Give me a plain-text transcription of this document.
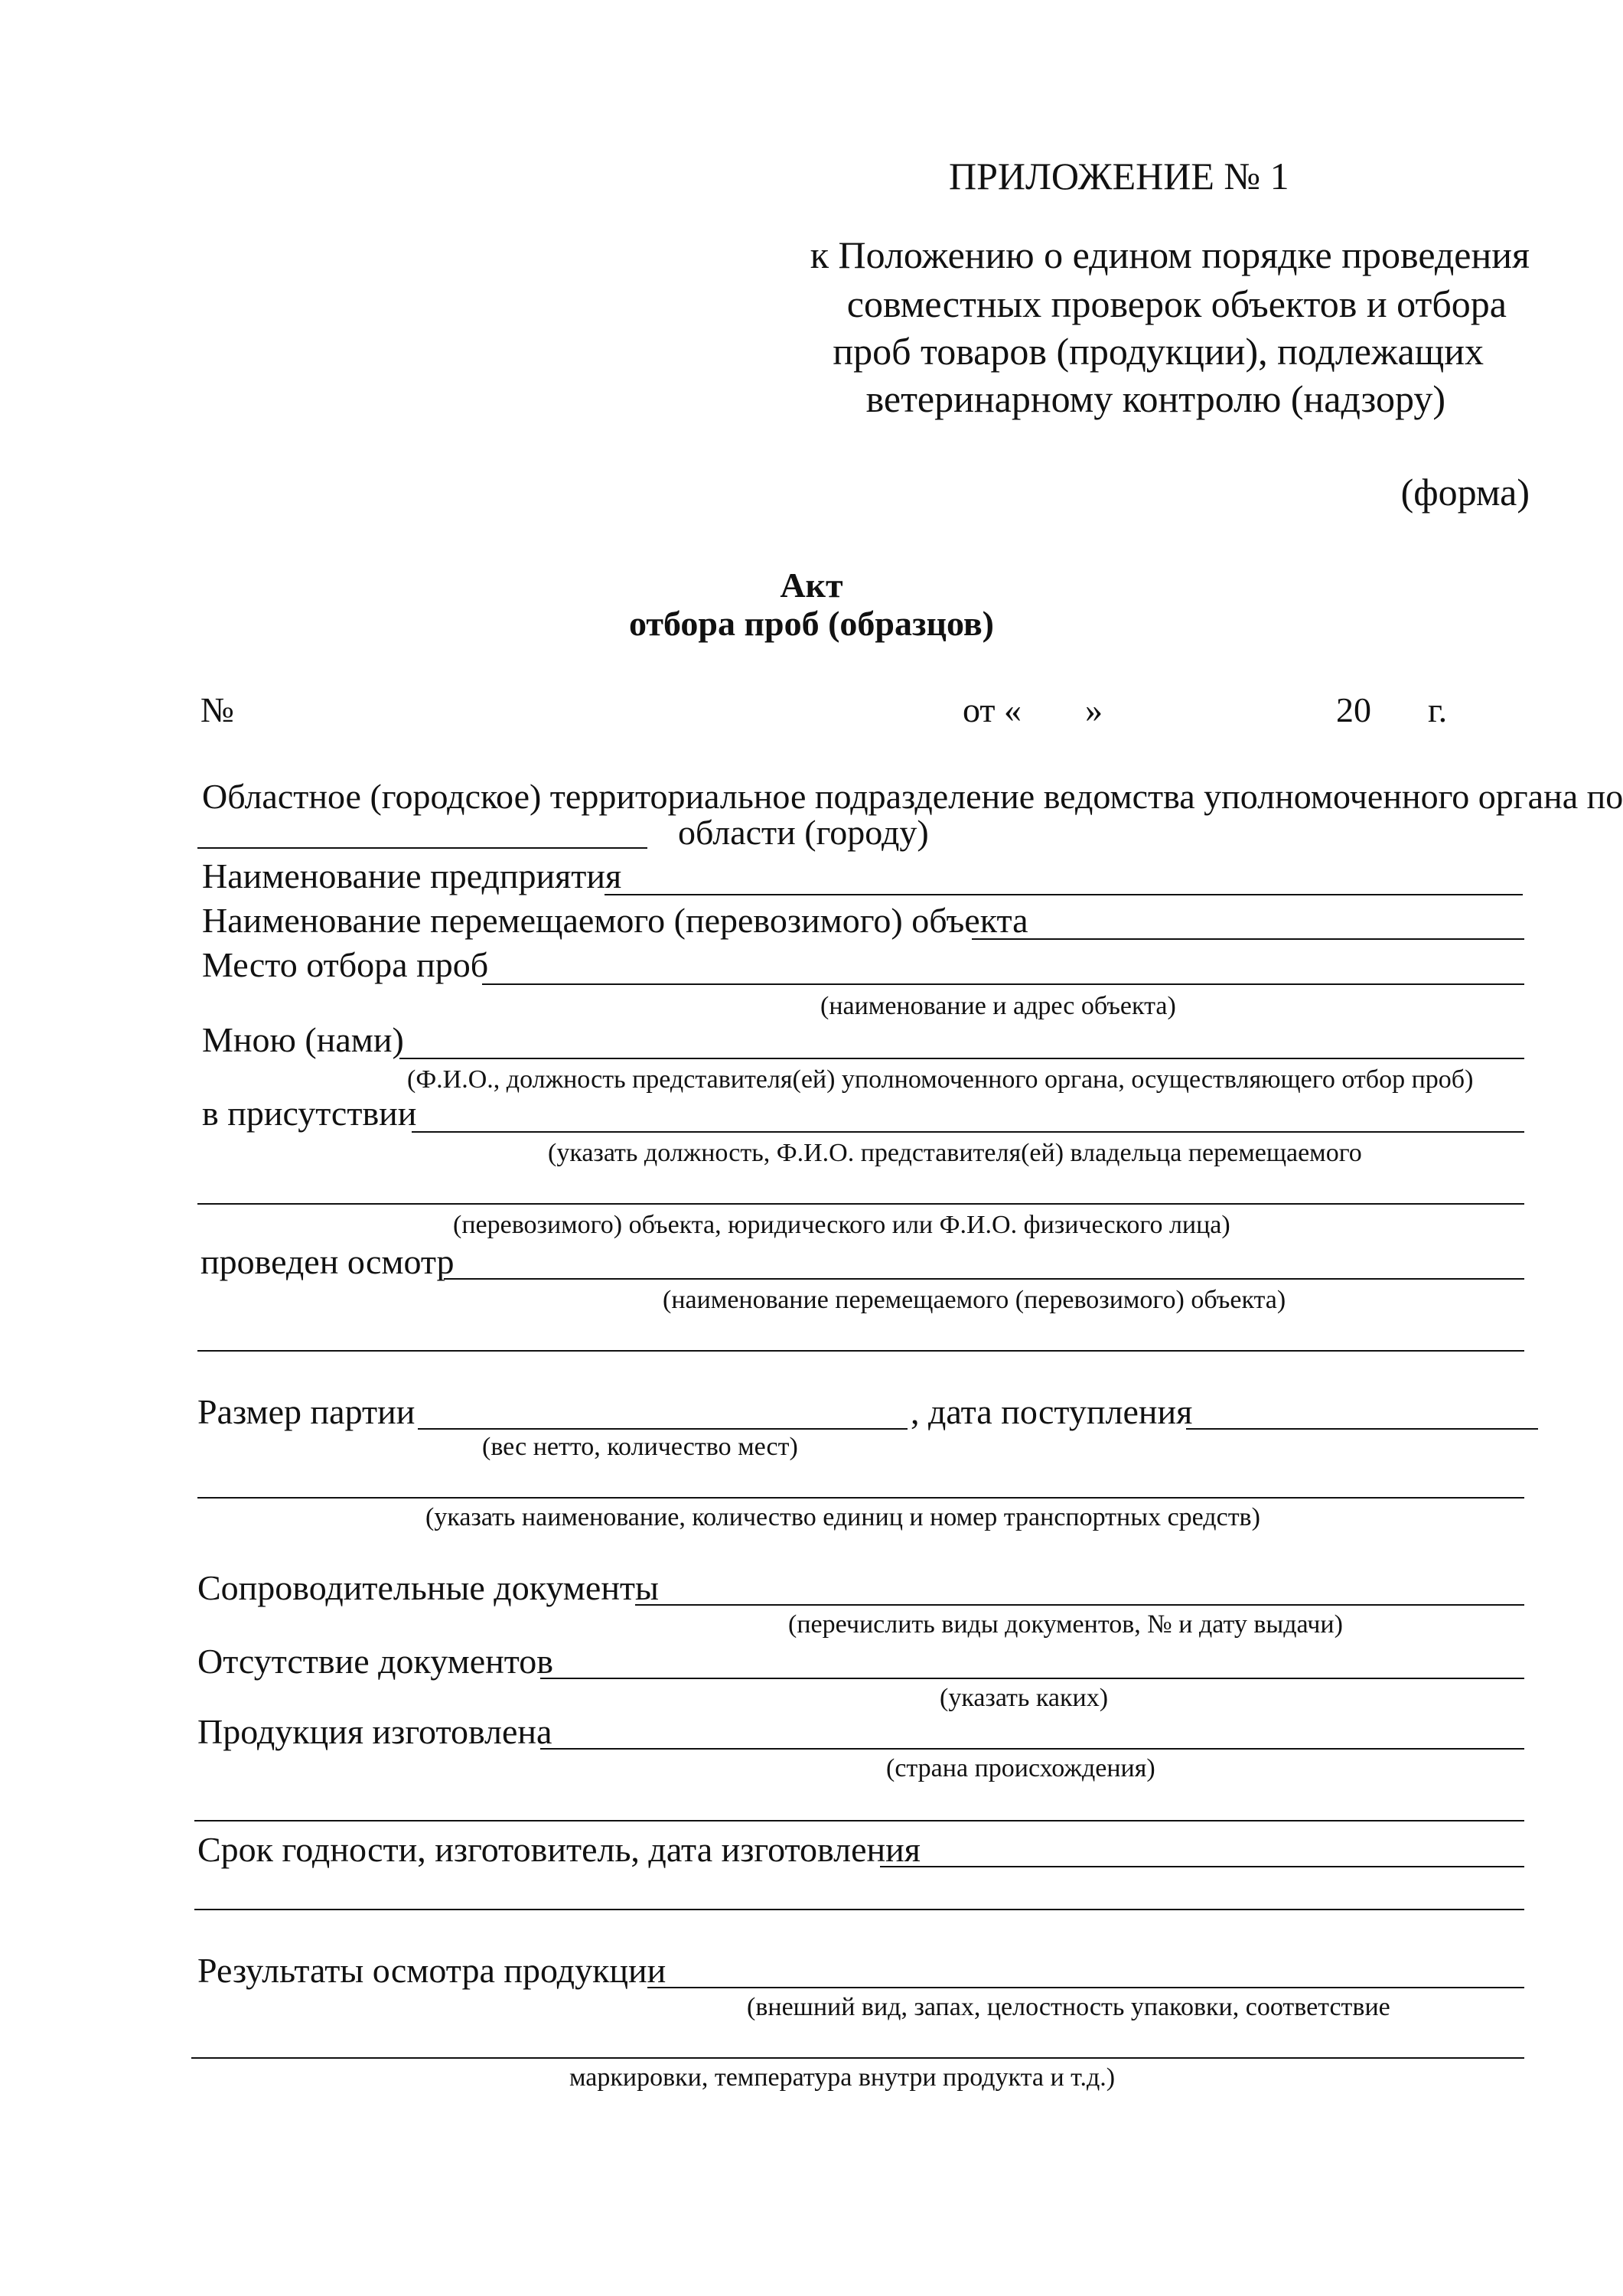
ПРИЛОЖЕНИЕ № 1
к Положению о едином порядке проведения
совместных проверок объектов и отбора
проб товаров (продукции), подлежащих
ветеринарному контролю (надзору)
(форма)
Акт
отбора проб (образцов)
№	от « »	20 г.
Областное (городское) территориальное подразделение ведомства уполномоченного органа по
области (городу)
Наименование предприятия
Наименование перемещаемого (перевозимого) объекта
Место отбора проб
(наименование и адрес объекта)
Мною (нами)
(Ф.И.О., должность представителя(ей) уполномоченного органа, осуществляющего отбор проб)
в присутствии
(указать должность, Ф.И.О. представителя(ей) владельца перемещаемого
(перевозимого) объекта, юридического или Ф.И.О. физического лица)
проведен осмотр
(наименование перемещаемого (перевозимого) объекта)
Размер партии	, дата поступления
(вес нетто, количество мест)
(указать наименование, количество единиц и номер транспортных средств)
Сопроводительные документы
(перечислить виды документов, № и дату выдачи)
Отсутствие документов
(указать каких)
Продукция изготовлена
(страна происхождения)
Срок годности, изготовитель, дата изготовления
Результаты осмотра продукции
(внешний вид, запах, целостность упаковки, соответствие
маркировки, температура внутри продукта и т.д.)
